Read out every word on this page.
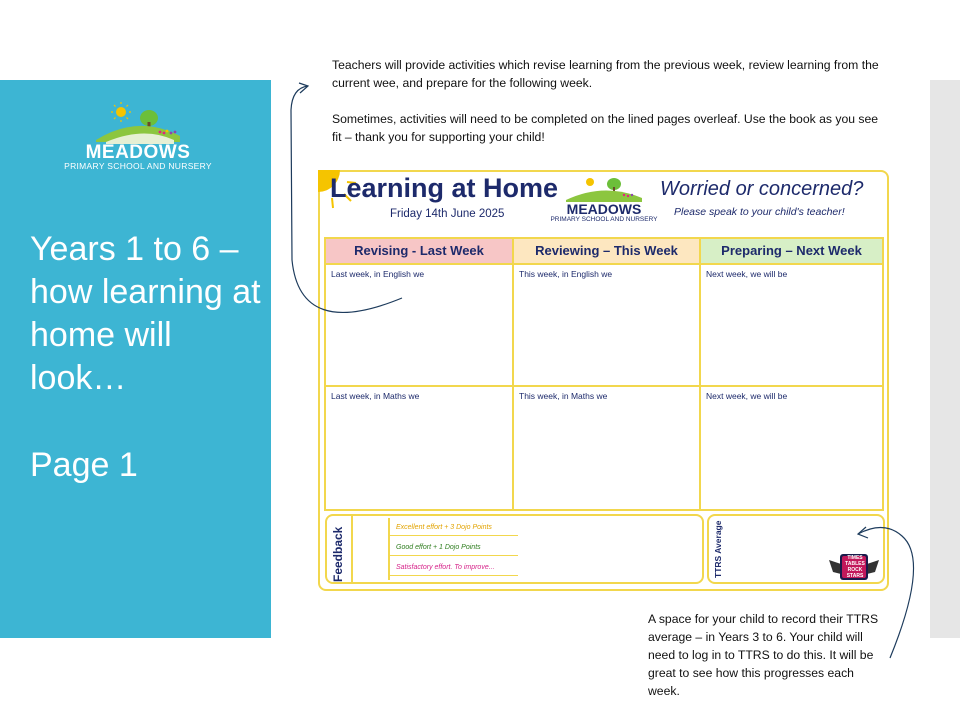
MEADOWS
PRIMARY SCHOOL AND NURSERY
Years 1 to 6 – how learning at home will look…
Page 1

Teachers will provide activities which revise learning from the previous week, review learning from the current wee, and prepare for the following week.

Sometimes, activities will need to be completed on the lined pages overleaf. Use the book as you see fit – thank you for supporting your child!

Learning at Home
Friday 14th June 2025	MEADOWS
PRIMARY SCHOOL AND NURSERY
Worried or concerned?
Please speak to your child's teacher!
Revising - Last Week	Reviewing – This Week	Preparing – Next Week
Last week, in English we	This week, in English we	Next week, we will be
Last week, in Maths we	This week, in Maths we	Next week, we will be
Feedback	Excellent effort + 3 Dojo Points
Good effort + 1 Dojo Points
Satisfactory effort. To improve...	TTRS Average	TIMES TABLES ROCK STARS

A space for your child to record their TTRS average – in Years 3 to 6. Your child will need to log in to TTRS to do this. It will be great to see how this progresses each week.
